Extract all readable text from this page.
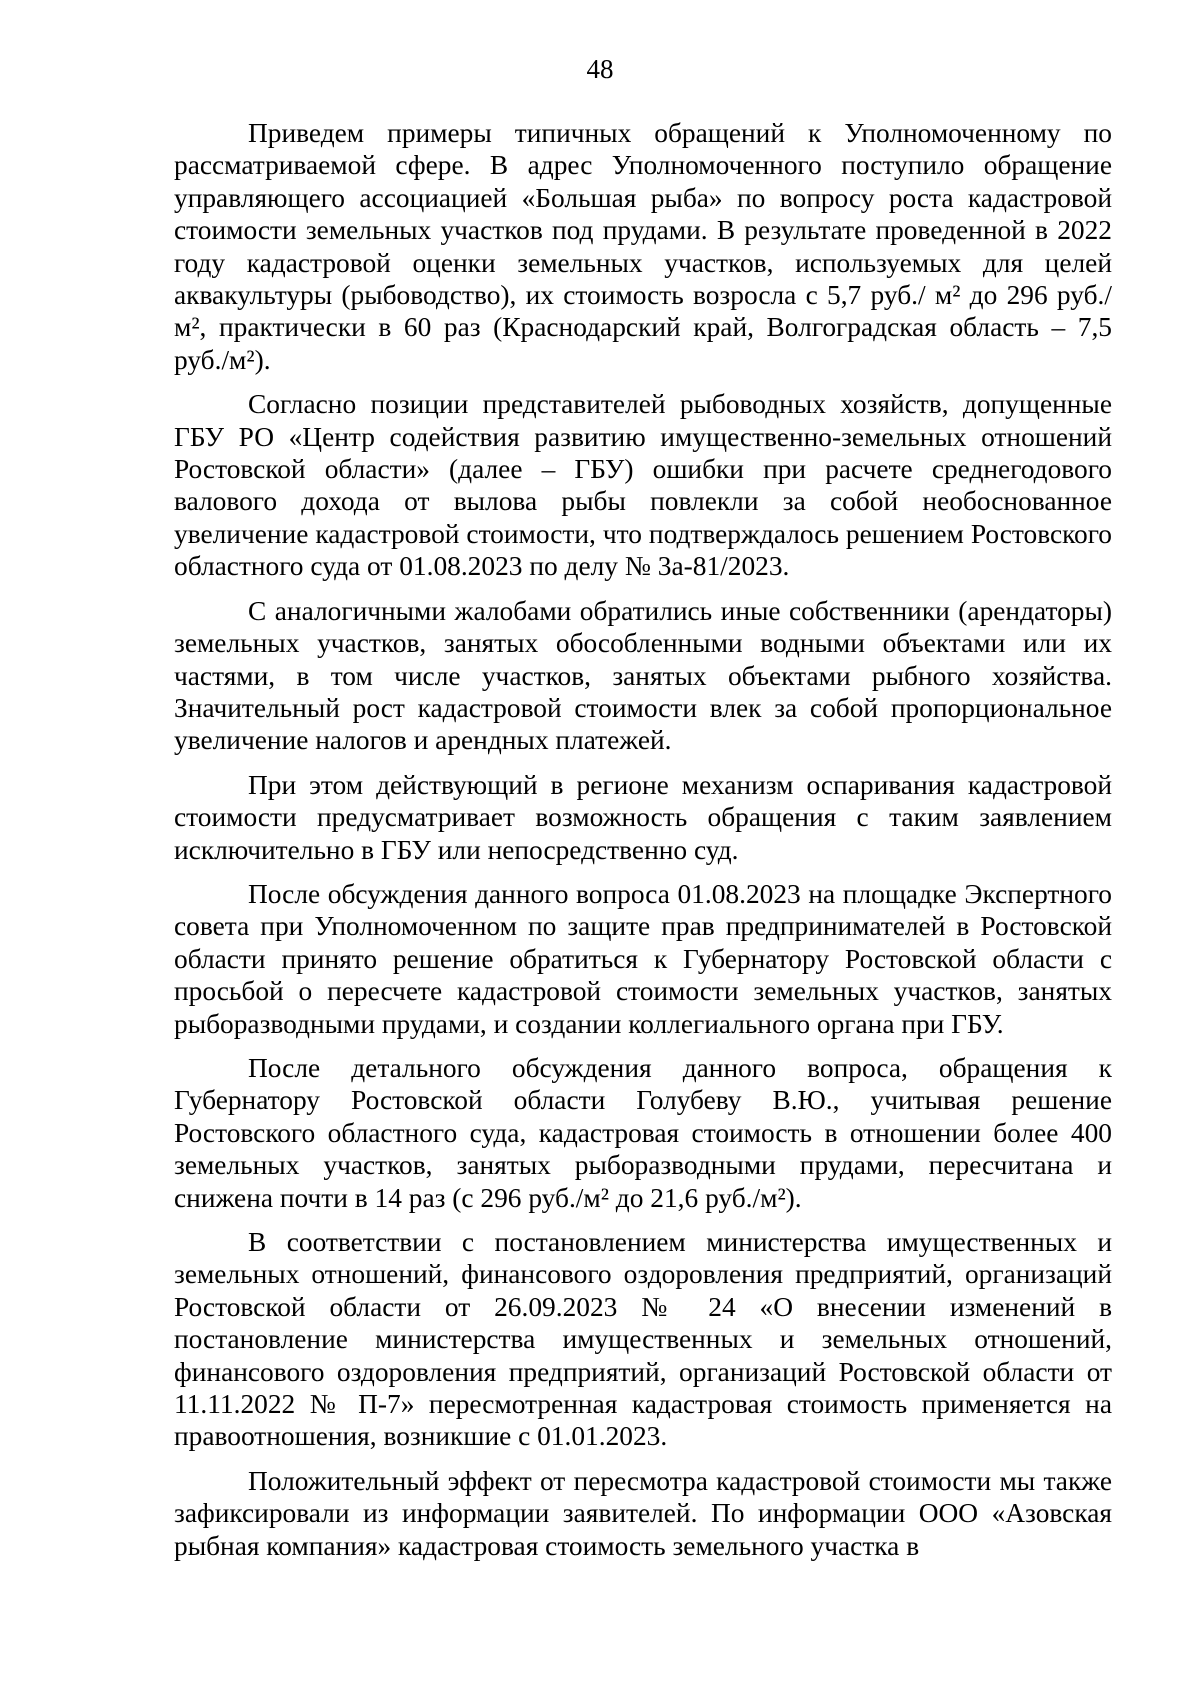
48

Приведем примеры типичных обращений к Уполномоченному по рассматриваемой сфере. В адрес Уполномоченного поступило обращение управляющего ассоциацией «Большая рыба» по вопросу роста кадастровой стоимости земельных участков под прудами. В результате проведенной в 2022 году кадастровой оценки земельных участков, используемых для целей аквакультуры (рыбоводство), их стоимость возросла с 5,7 руб./ м² до 296 руб./м², практически в 60 раз (Краснодарский край, Волгоградская область – 7,5 руб./м²).

Согласно позиции представителей рыбоводных хозяйств, допущенные ГБУ РО «Центр содействия развитию имущественно-земельных отношений Ростовской области» (далее – ГБУ) ошибки при расчете среднегодового валового дохода от вылова рыбы повлекли за собой необоснованное увеличение кадастровой стоимости, что подтверждалось решением Ростовского областного суда от 01.08.2023 по делу № 3а-81/2023.

С аналогичными жалобами обратились иные собственники (арендаторы) земельных участков, занятых обособленными водными объектами или их частями, в том числе участков, занятых объектами рыбного хозяйства. Значительный рост кадастровой стоимости влек за собой пропорциональное увеличение налогов и арендных платежей.

При этом действующий в регионе механизм оспаривания кадастровой стоимости предусматривает возможность обращения с таким заявлением исключительно в ГБУ или непосредственно суд.

После обсуждения данного вопроса 01.08.2023 на площадке Экспертного совета при Уполномоченном по защите прав предпринимателей в Ростовской области принято решение обратиться к Губернатору Ростовской области с просьбой о пересчете кадастровой стоимости земельных участков, занятых рыборазводными прудами, и создании коллегиального органа при ГБУ.

После детального обсуждения данного вопроса, обращения к Губернатору Ростовской области Голубеву В.Ю., учитывая решение Ростовского областного суда, кадастровая стоимость в отношении более 400 земельных участков, занятых рыборазводными прудами, пересчитана и снижена почти в 14 раз (с 296 руб./м² до 21,6 руб./м²).

В соответствии с постановлением министерства имущественных и земельных отношений, финансового оздоровления предприятий, организаций Ростовской области от 26.09.2023 № 24 «О внесении изменений в постановление министерства имущественных и земельных отношений, финансового оздоровления предприятий, организаций Ростовской области от 11.11.2022 № П-7» пересмотренная кадастровая стоимость применяется на правоотношения, возникшие с 01.01.2023.

Положительный эффект от пересмотра кадастровой стоимости мы также зафиксировали из информации заявителей. По информации ООО «Азовская рыбная компания» кадастровая стоимость земельного участка в
